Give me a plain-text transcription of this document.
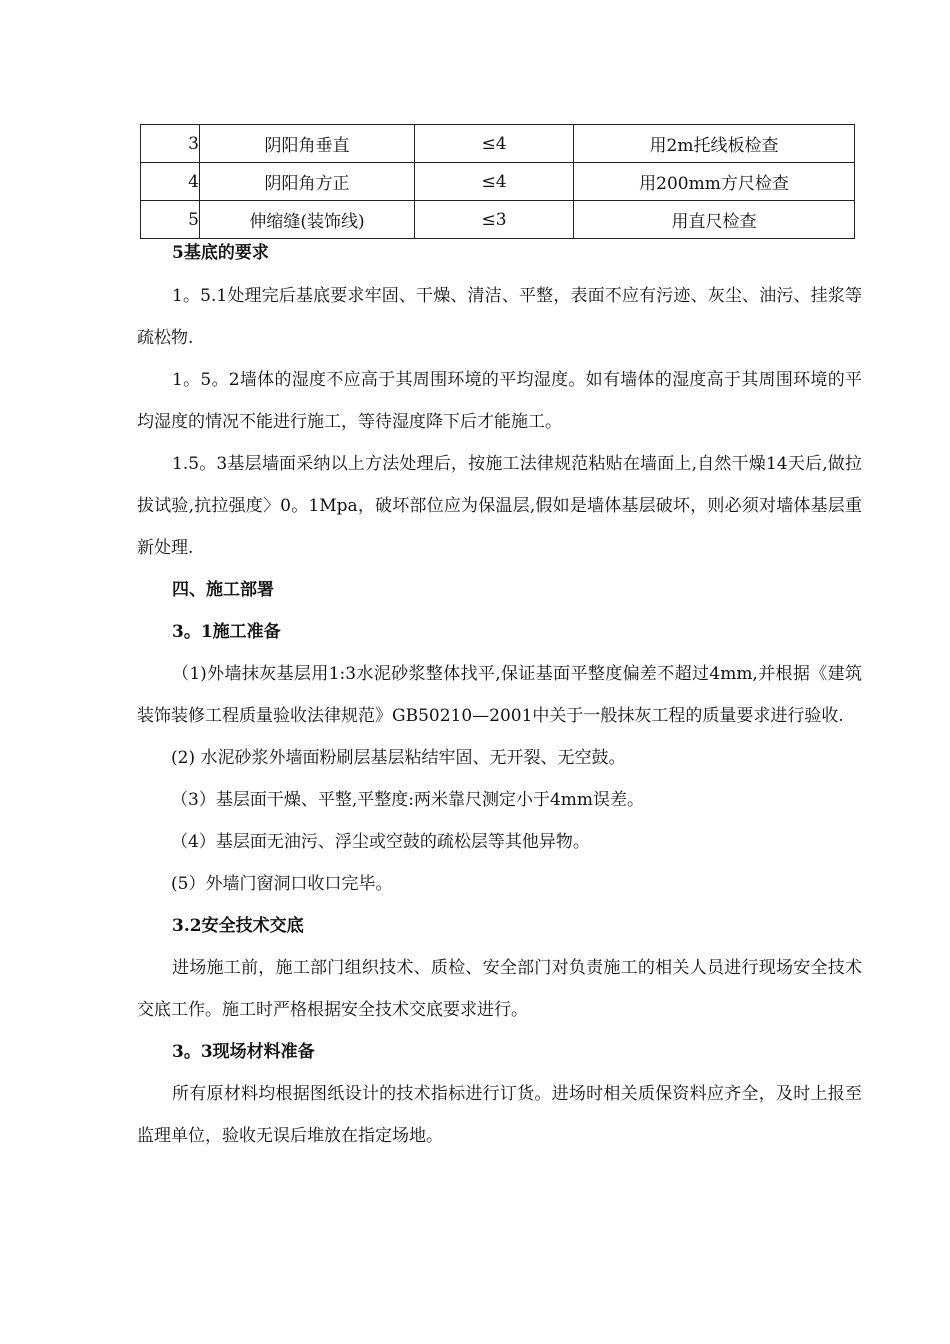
3	阴阳角垂直	≤4	用2m托线板检查
4	阴阳角方正	≤4	用200mm方尺检查
5	伸缩缝(装饰线)	≤3	用直尺检查
5基底的要求

1。5.1处理完后基底要求牢固、干燥、清洁、平整，表面不应有污迹、灰尘、油污、挂浆等疏松物.

1。5。2墙体的湿度不应高于其周围环境的平均湿度。如有墙体的湿度高于其周围环境的平均湿度的情况不能进行施工，等待湿度降下后才能施工。

1.5。3基层墙面采纳以上方法处理后，按施工法律规范粘贴在墙面上,自然干燥14天后,做拉拔试验,抗拉强度〉0。1Mpa，破坏部位应为保温层,假如是墙体基层破坏，则必须对墙体基层重新处理.

四、施工部署

3。1施工准备

（1)外墙抹灰基层用1:3水泥砂浆整体找平,保证基面平整度偏差不超过4mm,并根据《建筑装饰装修工程质量验收法律规范》GB50210—2001中关于一般抹灰工程的质量要求进行验收.

(2) 水泥砂浆外墙面粉刷层基层粘结牢固、无开裂、无空鼓。

（3）基层面干燥、平整,平整度:两米靠尺测定小于4mm误差。

（4）基层面无油污、浮尘或空鼓的疏松层等其他异物。

(5）外墙门窗洞口收口完毕。

3.2安全技术交底

进场施工前，施工部门组织技术、质检、安全部门对负责施工的相关人员进行现场安全技术交底工作。施工时严格根据安全技术交底要求进行。

3。3现场材料准备

所有原材料均根据图纸设计的技术指标进行订货。进场时相关质保资料应齐全，及时上报至监理单位，验收无误后堆放在指定场地。
